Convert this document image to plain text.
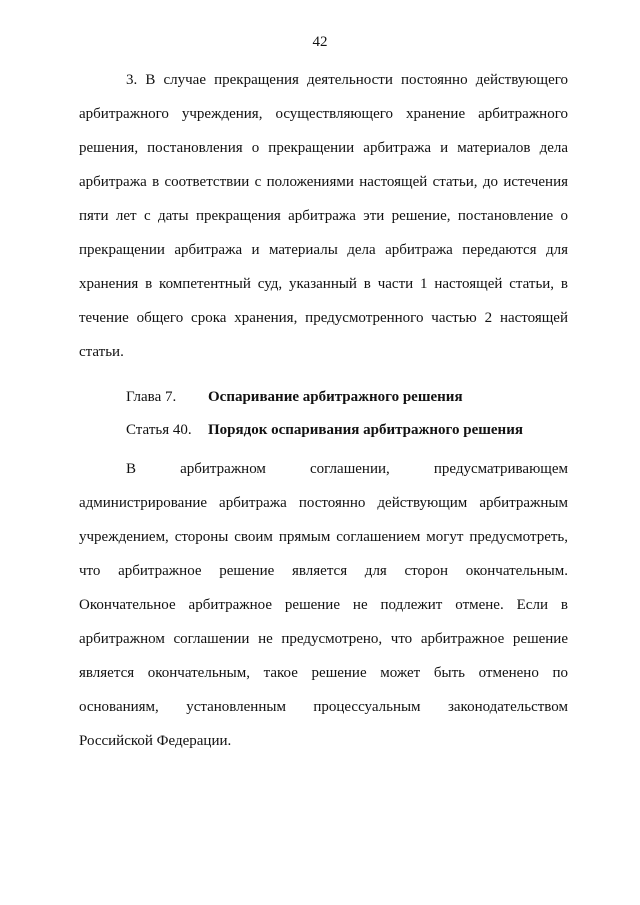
42
3. В случае прекращения деятельности постоянно действующего
арбитражного учреждения, осуществляющего хранение арбитражного
решения, постановления о прекращении арбитража и материалов дела
арбитража в соответствии с положениями настоящей статьи, до истечения
пяти лет с даты прекращения арбитража эти решение, постановление о
прекращении арбитража и материалы дела арбитража передаются для
хранения в компетентный суд, указанный в части 1 настоящей статьи, в
течение общего срока хранения, предусмотренного частью 2 настоящей
статьи.
Глава 7. Оспаривание арбитражного решения
Статья 40. Порядок оспаривания арбитражного решения
В арбитражном соглашении, предусматривающем
администрирование арбитража постоянно действующим арбитражным
учреждением, стороны своим прямым соглашением могут предусмотреть,
что арбитражное решение является для сторон окончательным.
Окончательное арбитражное решение не подлежит отмене. Если в
арбитражном соглашении не предусмотрено, что арбитражное решение
является окончательным, такое решение может быть отменено по
основаниям, установленным процессуальным законодательством
Российской Федерации.
